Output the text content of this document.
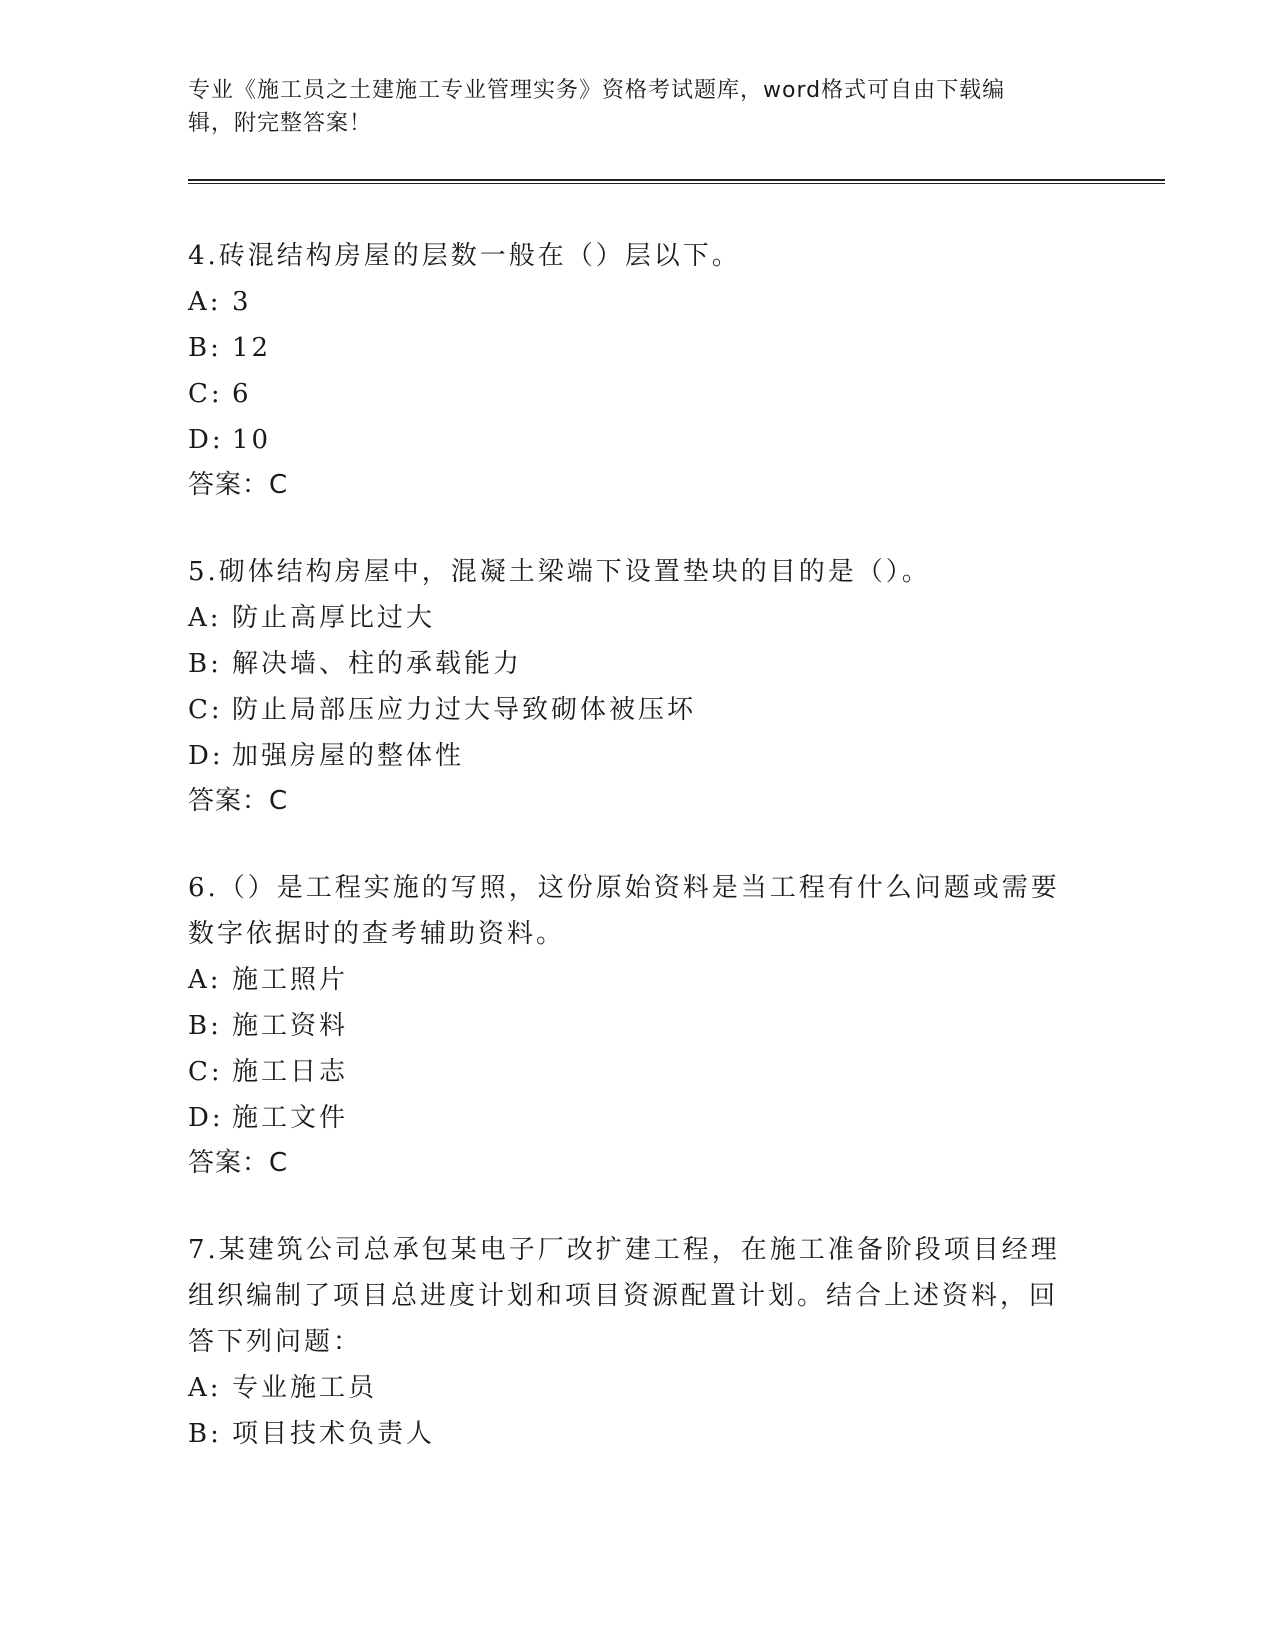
专业《施工员之土建施工专业管理实务》资格考试题库，word格式可自由下载编
辑，附完整答案！
4.砖混结构房屋的层数一般在（）层以下。
A: 3
B: 12
C: 6
D: 10
答案：C
5.砌体结构房屋中，混凝土梁端下设置垫块的目的是（）。
A: 防止高厚比过大
B: 解决墙、柱的承载能力
C: 防止局部压应力过大导致砌体被压坏
D: 加强房屋的整体性
答案：C
6.（）是工程实施的写照，这份原始资料是当工程有什么问题或需要
数字依据时的查考辅助资料。
A: 施工照片
B: 施工资料
C: 施工日志
D: 施工文件
答案：C
7.某建筑公司总承包某电子厂改扩建工程，在施工准备阶段项目经理
组织编制了项目总进度计划和项目资源配置计划。结合上述资料，回
答下列问题：
A: 专业施工员
B: 项目技术负责人
